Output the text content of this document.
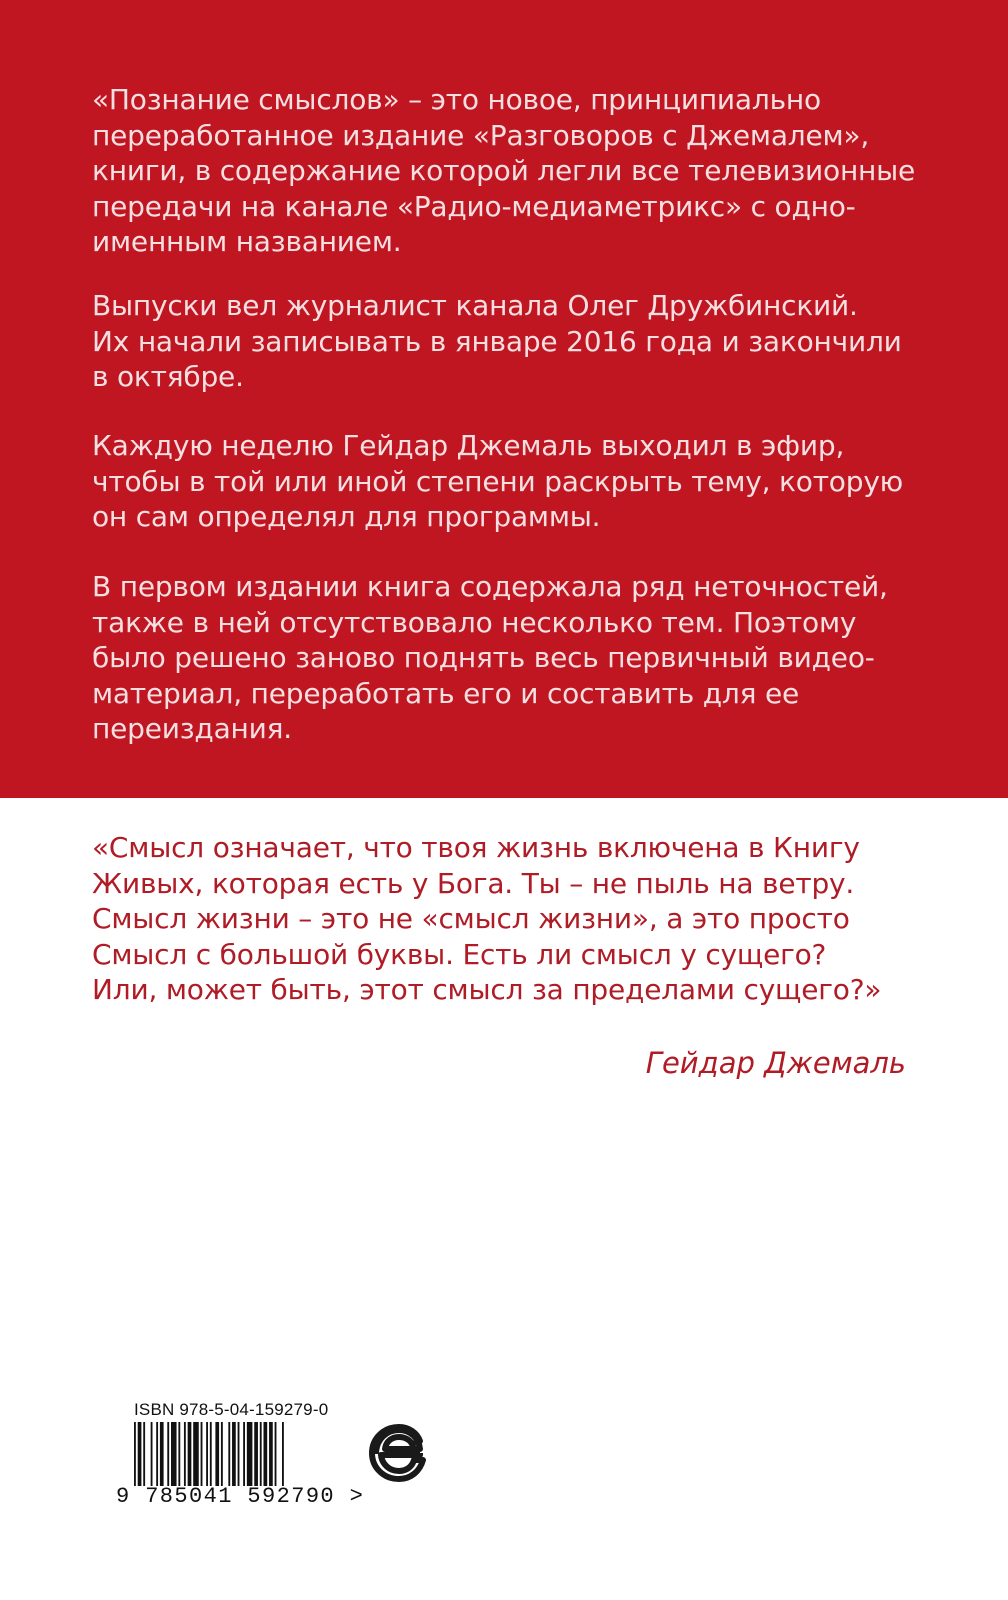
«Познание смыслов» – это новое, принципиально
переработанное издание «Разговоров с Джемалем»,
книги, в содержание которой легли все телевизионные
передачи на канале «Радио-медиаметрикс» с одно-
именным названием.

Выпуски вел журналист канала Олег Дружбинский.
Их начали записывать в январе 2016 года и закончили
в октябре.

Каждую неделю Гейдар Джемаль выходил в эфир,
чтобы в той или иной степени раскрыть тему, которую
он сам определял для программы.

В первом издании книга содержала ряд неточностей,
также в ней отсутствовало несколько тем. Поэтому
было решено заново поднять весь первичный видео-
материал, переработать его и составить для ее
переиздания.

«Смысл означает, что твоя жизнь включена в Книгу
Живых, которая есть у Бога. Ты – не пыль на ветру.
Смысл жизни – это не «смысл жизни», а это просто
Смысл с большой буквы. Есть ли смысл у сущего?
Или, может быть, этот смысл за пределами сущего?»

Гейдар Джемаль

ISBN 978-5-04-159279-0

9 785041 592790 >
